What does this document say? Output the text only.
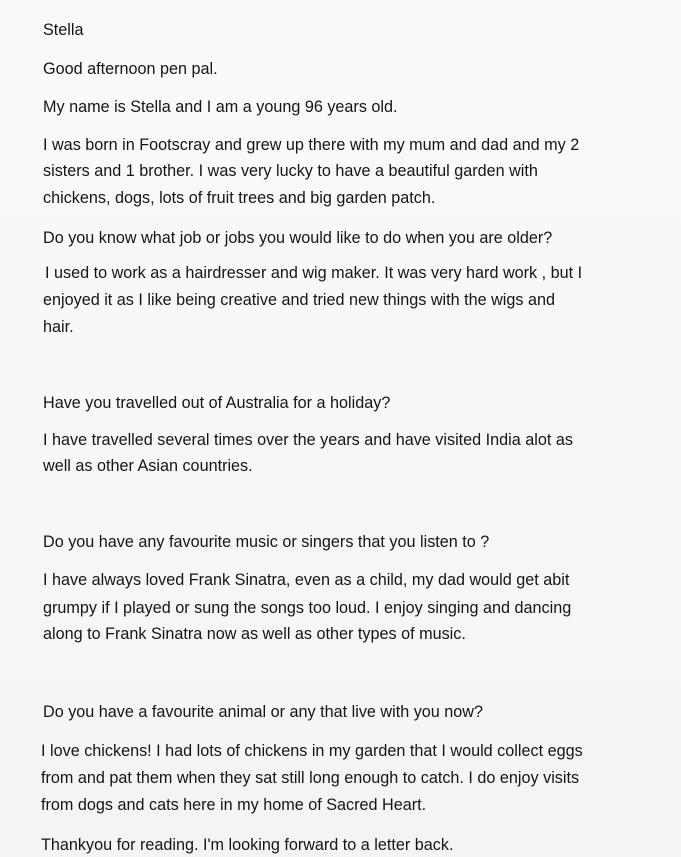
Stella

Good afternoon pen pal.

My name is Stella and I am a young 96 years old.

I was born in Footscray and grew up there with my mum and dad and my 2

sisters and 1 brother. I was very lucky to have a beautiful garden with

chickens, dogs, lots of fruit trees and big garden patch.

Do you know what job or jobs you would like to do when you are older?

I used to work as a hairdresser and wig maker. It was very hard work , but I

enjoyed it as I like being creative and tried new things with the wigs and

hair.

Have you travelled out of Australia for a holiday?

I have travelled several times over the years and have visited India alot as

well as other Asian countries.

Do you have any favourite music or singers that you listen to ?

I have always loved Frank Sinatra, even as a child, my dad would get abit

grumpy if I played or sung the songs too loud. I enjoy singing and dancing

along to Frank Sinatra now as well as other types of music.

Do you have a favourite animal or any that live with you now?

I love chickens! I had lots of chickens in my garden that I would collect eggs

from and pat them when they sat still long enough to catch. I do enjoy visits

from dogs and cats here in my home of Sacred Heart.

Thankyou for reading. I'm looking forward to a letter back.
